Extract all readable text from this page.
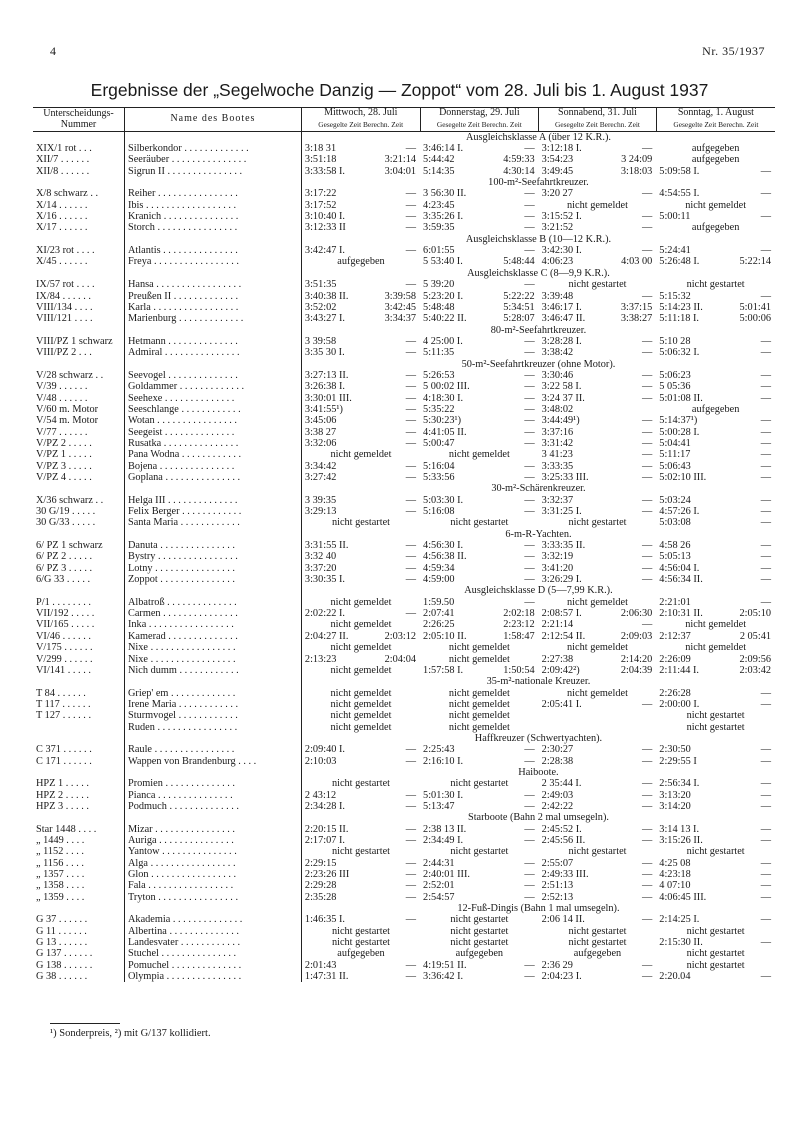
4	Nr. 35/1937
Ergebnisse der „Segelwoche Danzig — Zoppot“ vom 28. Juli bis 1. August 1937
Unterscheidungs-
Nummer	Name des Bootes	Mittwoch, 28. Juli		Donnerstag, 29. Juli		Sonnabend, 31. Juli		Sonntag, 1. August	
		Gesegelte Zeit Berechn. Zeit		Gesegelte Zeit Berechn. Zeit		Gesegelte Zeit Berechn. Zeit		Gesegelte Zeit Berechn. Zeit	
		Ausgleichsklasse A (über 12 K.R.).							
XIX/1 rot . . .	Silberkondor . . . . . . . . . . . . .	3:18 31	—	3:46:14 I.	—	3:12:18 I.	—	aufgegeben	
XII/7 . . . . . .	Seeräuber . . . . . . . . . . . . . . .	3:51:18	3:21:14	5:44:42	4:59:33	3:54:23	3 24:09	aufgegeben	
XII/8 . . . . . .	Sigrun II . . . . . . . . . . . . . . .	3:33:58 I.	3:04:01	5:14:35	4:30:14	3:49:45	3:18:03	5:09:58 I.	—
		100-m²-Seefahrtkreuzer.							
X/8 schwarz . .	Reiher . . . . . . . . . . . . . . . .	3:17:22	—	3 56:30 II.	—	3:20 27	—	4:54:55 I.	—
X/14 . . . . . .	Ibis . . . . . . . . . . . . . . . . . .	3:17:52	—	4:23:45	—	nicht gemeldet		nicht gemeldet	
X/16 . . . . . .	Kranich . . . . . . . . . . . . . . .	3:10:40 I.	—	3:35:26 I.	—	3:15:52 I.	—	5:00:11	—
X/17 . . . . . .	Storch . . . . . . . . . . . . . . . .	3:12:33 II	—	3:59:35	—	3:21:52	—	aufgegeben	
		Ausgleichsklasse B (10—12 K.R.).							
XI/23 rot . . . .	Atlantis . . . . . . . . . . . . . . .	3:42:47 I.	—	6:01:55	—	3:42:30 I.	—	5:24:41	—
X/45 . . . . . .	Freya . . . . . . . . . . . . . . . . .	aufgegeben		5 53:40 I.	5:48:44	4:06:23	4:03 00	5:26:48 I.	5:22:14
		Ausgleichsklasse C (8—9,9 K.R.).							
IX/57 rot . . . .	Hansa . . . . . . . . . . . . . . . . .	3:51:35	—	5 39:20	—	nicht gestartet		nicht gestartet	
IX/84 . . . . . .	Preußen II . . . . . . . . . . . . .	3:40:38 II.	3:39:58	5:23:20 I.	5:22:22	3:39:48	—	5:15:32	—
VIII/134 . . . .	Karla . . . . . . . . . . . . . . . . .	3:52:02	3:42:45	5:48:48	5:34:51	3:46:17 I.	3:37:15	5:14:23 II.	5:01:41
VIII/121 . . . .	Marienburg . . . . . . . . . . . . .	3:43:27 I.	3:34:37	5:40:22 II.	5:28:07	3:46:47 II.	3:38:27	5:11:18 I.	5:00:06
		80-m²-Seefahrtkreuzer.							
VIII/PZ 1 schwarz	Hetmann . . . . . . . . . . . . . .	3 39:58	—	4 25:00 I.	—	3:28:28 I.	—	5:10 28	—
VIII/PZ 2 . . .	Admiral . . . . . . . . . . . . . . .	3:35 30 I.	—	5:11:35	—	3:38:42	—	5:06:32 I.	—
		50-m²-Seefahrtkreuzer (ohne Motor).							
V/28 schwarz . .	Seevogel . . . . . . . . . . . . . .	3:27:13 II.	—	5:26:53	—	3:30:46	—	5:06:23	—
V/39 . . . . . .	Goldammer . . . . . . . . . . . . .	3:26:38 I.	—	5 00:02 III.	—	3:22 58 I.	—	5 05:36	—
V/48 . . . . . .	Seehexe . . . . . . . . . . . . . .	3:30:01 III.	—	4:18:30 I.	—	3:24 37 II.	—	5:01:08 II.	—
V/60 m. Motor	Seeschlange . . . . . . . . . . . .	3:41:55¹)	—	5:35:22	—	3:48:02		aufgegeben	
V/54 m. Motor	Wotan . . . . . . . . . . . . . . . .	3:45:06	—	5:30:23¹)	—	3:44:49¹)	—	5:14:37¹)	—
V/77 . . . . . .	Seegeist . . . . . . . . . . . . . .	3:38 27	—	4:41:05 II.	—	3:37:16	—	5:00:28 I.	—
V/PZ 2 . . . . .	Rusatka . . . . . . . . . . . . . . .	3:32:06	—	5:00:47	—	3:31:42	—	5:04:41	—
V/PZ 1 . . . . .	Pana Wodna . . . . . . . . . . . .	nicht gemeldet		nicht gemeldet		3 41:23	—	5:11:17	—
V/PZ 3 . . . . .	Bojena . . . . . . . . . . . . . . .	3:34:42	—	5:16:04	—	3:33:35	—	5:06:43	—
V/PZ 4 . . . . .	Goplana . . . . . . . . . . . . . . .	3:27:42	—	5:33:56	—	3:25:33 III.	—	5:02:10 III.	—
		30-m²-Schärenkreuzer.							
X/36 schwarz . .	Helga III . . . . . . . . . . . . . .	3 39:35	—	5:03:30 I.	—	3:32:37	—	5:03:24	—
30 G/19 . . . . .	Felix Berger . . . . . . . . . . . .	3:29:13	—	5:16:08	—	3:31:25 I.	—	4:57:26 I.	—
30 G/33 . . . . .	Santa Maria . . . . . . . . . . . .	nicht gestartet		nicht gestartet		nicht gestartet		5:03:08	—
		6-m-R-Yachten.							
6/ PZ 1 schwarz	Danuta . . . . . . . . . . . . . . .	3:31:55 II.	—	4:56:30 I.	—	3:33:35 II.	—	4:58 26	—
6/ PZ 2 . . . . .	Bystry . . . . . . . . . . . . . . . .	3:32 40	—	4:56:38 II.	—	3:32:19	—	5:05:13	—
6/ PZ 3 . . . . .	Lotny . . . . . . . . . . . . . . . .	3:37:20	—	4:59:34	—	3:41:20	—	4:56:04 I.	—
6/G 33 . . . . .	Zoppot . . . . . . . . . . . . . . .	3:30:35 I.	—	4:59:00	—	3:26:29 I.	—	4:56:34 II.	—
		Ausgleichsklasse D (5—7,99 K.R.).							
P/1 . . . . . . . .	Albatroß . . . . . . . . . . . . . .	nicht gemeldet		1:59.50	—	nicht gemeldet		2:21:01	—
VII/192 . . . . .	Carmen . . . . . . . . . . . . . . .	2:02:22 I.	—	2:07:41	2:02:18	2:08:57 I.	2:06:30	2:10:31 II.	2:05:10
VII/165 . . . . .	Inka . . . . . . . . . . . . . . . . .	nicht gemeldet		2:26:25	2:23:12	2:21:14	—	nicht gemeldet	
VI/46 . . . . . .	Kamerad . . . . . . . . . . . . . .	2:04:27 II.	2:03:12	2:05:10 II.	1:58:47	2:12:54 II.	2:09:03	2:12:37	2 05:41
V/175 . . . . . .	Nixe . . . . . . . . . . . . . . . . .	nicht gemeldet		nicht gemeldet		nicht gemeldet		nicht gemeldet	
V/299 . . . . . .	Nixe . . . . . . . . . . . . . . . . .	2:13:23	2:04:04	nicht gemeldet		2:27:38	2:14:20	2:26:09	2:09:56
VI/141 . . . . .	Nich dumm . . . . . . . . . . . .	nicht gemeldet		1:57:58 I.	1:50:54	2:09:42²)	2:04:39	2:11:44 I.	2:03:42
		35-m²-nationale Kreuzer.							
T 84 . . . . . .	Griep' em . . . . . . . . . . . . .	nicht gemeldet		nicht gemeldet		nicht gemeldet		2:26:28	—
T 117 . . . . . .	Irene Maria . . . . . . . . . . . .	nicht gemeldet		nicht gemeldet		2:05:41 I.	—	2:00:00 I.	—
T 127 . . . . . .	Sturmvogel . . . . . . . . . . . .	nicht gemeldet		nicht gemeldet				nicht gestartet	
	Ruden . . . . . . . . . . . . . . . .	nicht gemeldet		nicht gemeldet				nicht gestartet	
		Haffkreuzer (Schwertyachten).							
C 371 . . . . . .	Raule . . . . . . . . . . . . . . . .	2:09:40 I.	—	2:25:43	—	2:30:27	—	2:30:50	—
C 171 . . . . . .	Wappen von Brandenburg . . . .	2:10:03	—	2:16:10 I.	—	2:28:38	—	2:29:55 I	—
		Haiboote.							
HPZ 1 . . . . .	Promien . . . . . . . . . . . . . .	nicht gestartet		nicht gestartet		2 35:44 I.	—	2:56:34 I.	—
HPZ 2 . . . . .	Pianca . . . . . . . . . . . . . . .	2 43:12	—	5:01:30 I.	—	2:49:03	—	3:13:20	—
HPZ 3 . . . . .	Podmuch . . . . . . . . . . . . . .	2:34:28 I.	—	5:13:47	—	2:42:22	—	3:14:20	—
		Starboote (Bahn 2 mal umsegeln).							
Star 1448 . . . .	Mizar . . . . . . . . . . . . . . . .	2:20:15 II.	—	2:38 13 II.	—	2:45:52 I.	—	3:14 13 I.	—
„ 1449 . . . .	Auriga . . . . . . . . . . . . . . .	2:17:07 I.	—	2:34:49 I.	—	2:45:56 II.	—	3:15:26 II.	—
„ 1152 . . . .	Yantow . . . . . . . . . . . . . . .	nicht gestartet		nicht gestartet		nicht gestartet		nicht gestartet	
„ 1156 . . . .	Alga . . . . . . . . . . . . . . . . .	2:29:15	—	2:44:31	—	2:55:07	—	4:25 08	—
„ 1357 . . . .	Glon . . . . . . . . . . . . . . . . .	2:23:26 III	—	2:40:01 III.	—	2:49:33 III.	—	4:23:18	—
„ 1358 . . . .	Fala . . . . . . . . . . . . . . . . .	2:29:28	—	2:52:01	—	2:51:13	—	4 07:10	—
„ 1359 . . . .	Tryton . . . . . . . . . . . . . . . .	2:35:28	—	2:54:57	—	2:52:13	—	4:06:45 III.	—
		12-Fuß-Dingis (Bahn 1 mal umsegeln).							
G 37 . . . . . .	Akademia . . . . . . . . . . . . . .	1:46:35 I.	—	nicht gestartet		2:06 14 II.	—	2:14:25 I.	—
G 11 . . . . . .	Albertina . . . . . . . . . . . . . .	nicht gestartet		nicht gestartet		nicht gestartet		nicht gestartet	
G 13 . . . . . .	Landesvater . . . . . . . . . . . .	nicht gestartet		nicht gestartet		nicht gestartet		2:15:30 II.	—
G 137 . . . . . .	Stuchel . . . . . . . . . . . . . . .	aufgegeben		aufgegeben		aufgegeben		nicht gestartet	
G 138 . . . . . .	Pomuchel . . . . . . . . . . . . . .	2:01:43	—	4:19:51 II.	—	2:36 29	—	nicht gestartet	
G 38 . . . . . .	Olympia . . . . . . . . . . . . . . .	1:47:31 II.	—	3:36:42 I.	—	2:04:23 I.	—	2:20.04	—
¹) Sonderpreis, ²) mit G/137 kollidiert.
